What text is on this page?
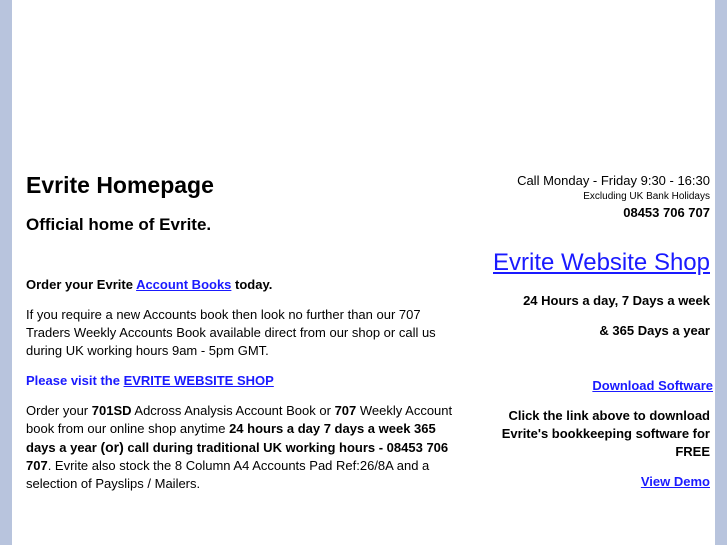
Evrite Homepage
Official home of Evrite.

Order your Evrite Account Books today.

If you require a new Accounts book then look no further than our 707 Traders Weekly Accounts Book available direct from our shop or call us during UK working hours 9am - 5pm GMT.

Please visit the EVRITE WEBSITE SHOP

Order your 701SD Adcross Analysis Account Book or 707 Weekly Account book from our online shop anytime 24 hours a day 7 days a week 365 days a year (or) call during traditional UK working hours - 08453 706 707. Evrite also stock the 8 Column A4 Accounts Pad Ref:26/8A and a selection of Payslips / Mailers.

Call Monday - Friday 9:30 - 16:30
Excluding UK Bank Holidays
08453 706 707
Evrite Website Shop
24 Hours a day, 7 Days a week
& 365 Days a year
Download Software
Click the link above to download Evrite's bookkeeping software for FREE
View Demo
